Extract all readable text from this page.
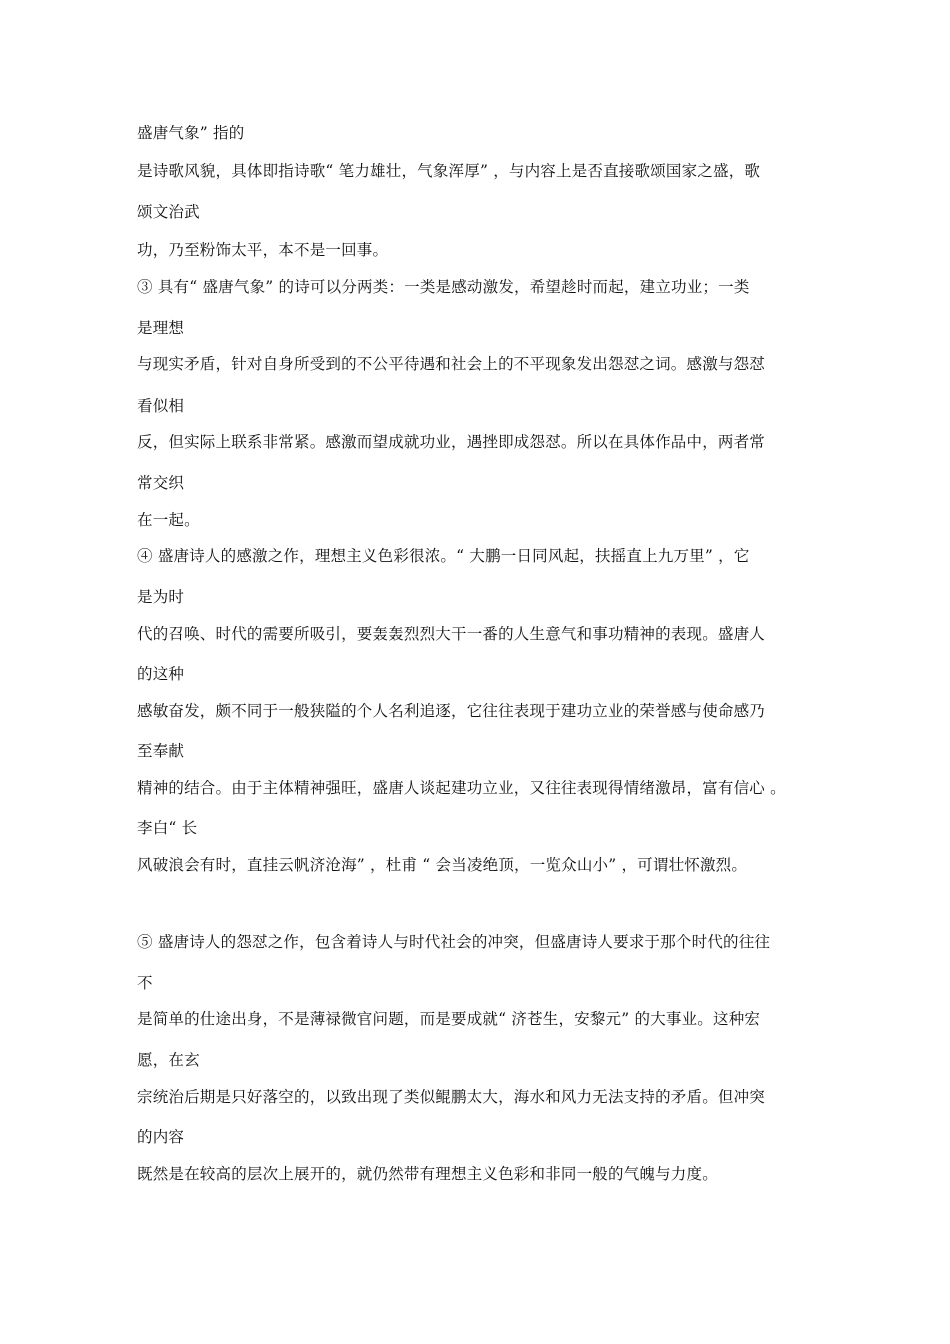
盛唐气象” 指的
是诗歌风貌，具体即指诗歌“ 笔力雄壮，气象浑厚” ，与内容上是否直接歌颂国家之盛，歌
颂文治武
功，乃至粉饰太平，本不是一回事。
③ 具有“ 盛唐气象” 的诗可以分两类：一类是感动激发，希望趁时而起，建立功业；一类
是理想
与现实矛盾，针对自身所受到的不公平待遇和社会上的不平现象发出怨怼之词。感激与怨怼
看似相
反，但实际上联系非常紧。感激而望成就功业，遇挫即成怨怼。所以在具体作品中，两者常
常交织
在一起。
④ 盛唐诗人的感激之作，理想主义色彩很浓。“ 大鹏一日同风起，扶摇直上九万里” ，它
是为时
代的召唤、时代的需要所吸引，要轰轰烈烈大干一番的人生意气和事功精神的表现。盛唐人
的这种
感敏奋发，颇不同于一般狭隘的个人名利追逐，它往往表现于建功立业的荣誉感与使命感乃
至奉献
精神的结合。由于主体精神强旺，盛唐人谈起建功立业，又往往表现得情绪激昂，富有信心 。
李白“ 长
风破浪会有时，直挂云帆济沧海” ，杜甫 “ 会当凌绝顶，一览众山小” ，可谓壮怀激烈。
⑤ 盛唐诗人的怨怼之作，包含着诗人与时代社会的冲突，但盛唐诗人要求于那个时代的往往
不
是简单的仕途出身，不是薄禄微官问题，而是要成就“ 济苍生，安黎元” 的大事业。这种宏
愿，在玄
宗统治后期是只好落空的，以致出现了类似鲲鹏太大，海水和风力无法支持的矛盾。但冲突
的内容
既然是在较高的层次上展开的，就仍然带有理想主义色彩和非同一般的气魄与力度。
